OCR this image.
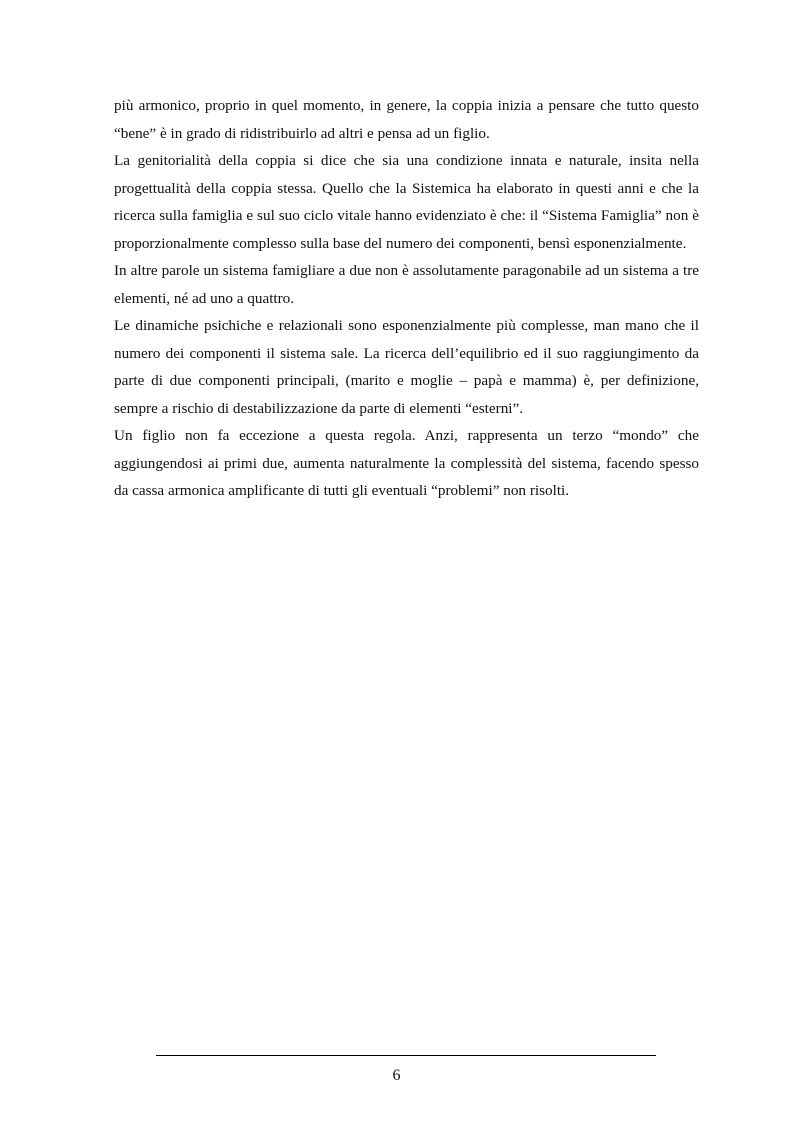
più armonico, proprio in quel momento, in genere, la coppia inizia a pensare che tutto questo “bene” è in grado di ridistribuirlo ad altri e pensa ad un figlio.

La genitorialità della coppia si dice che sia una condizione innata e naturale, insita nella progettualità della coppia stessa. Quello che la Sistemica ha elaborato in questi anni e che la ricerca sulla famiglia e sul suo ciclo vitale hanno evidenziato è che: il “Sistema Famiglia” non è proporzionalmente complesso sulla base del numero dei componenti, bensì esponenzialmente.

In altre parole un sistema famigliare a due non è assolutamente paragonabile ad un sistema a tre elementi, né ad uno a quattro.

Le dinamiche psichiche e relazionali sono esponenzialmente più complesse, man mano che il numero dei componenti il sistema sale. La ricerca dell’equilibrio ed il suo raggiungimento da parte di due componenti principali, (marito e moglie – papà e mamma) è, per definizione, sempre a rischio di destabilizzazione da parte di elementi “esterni”.

Un figlio non fa eccezione a questa regola. Anzi, rappresenta un terzo “mondo” che aggiungendosi ai primi due, aumenta naturalmente la complessità del sistema, facendo spesso da cassa armonica amplificante di tutti gli eventuali “problemi” non risolti.

6
